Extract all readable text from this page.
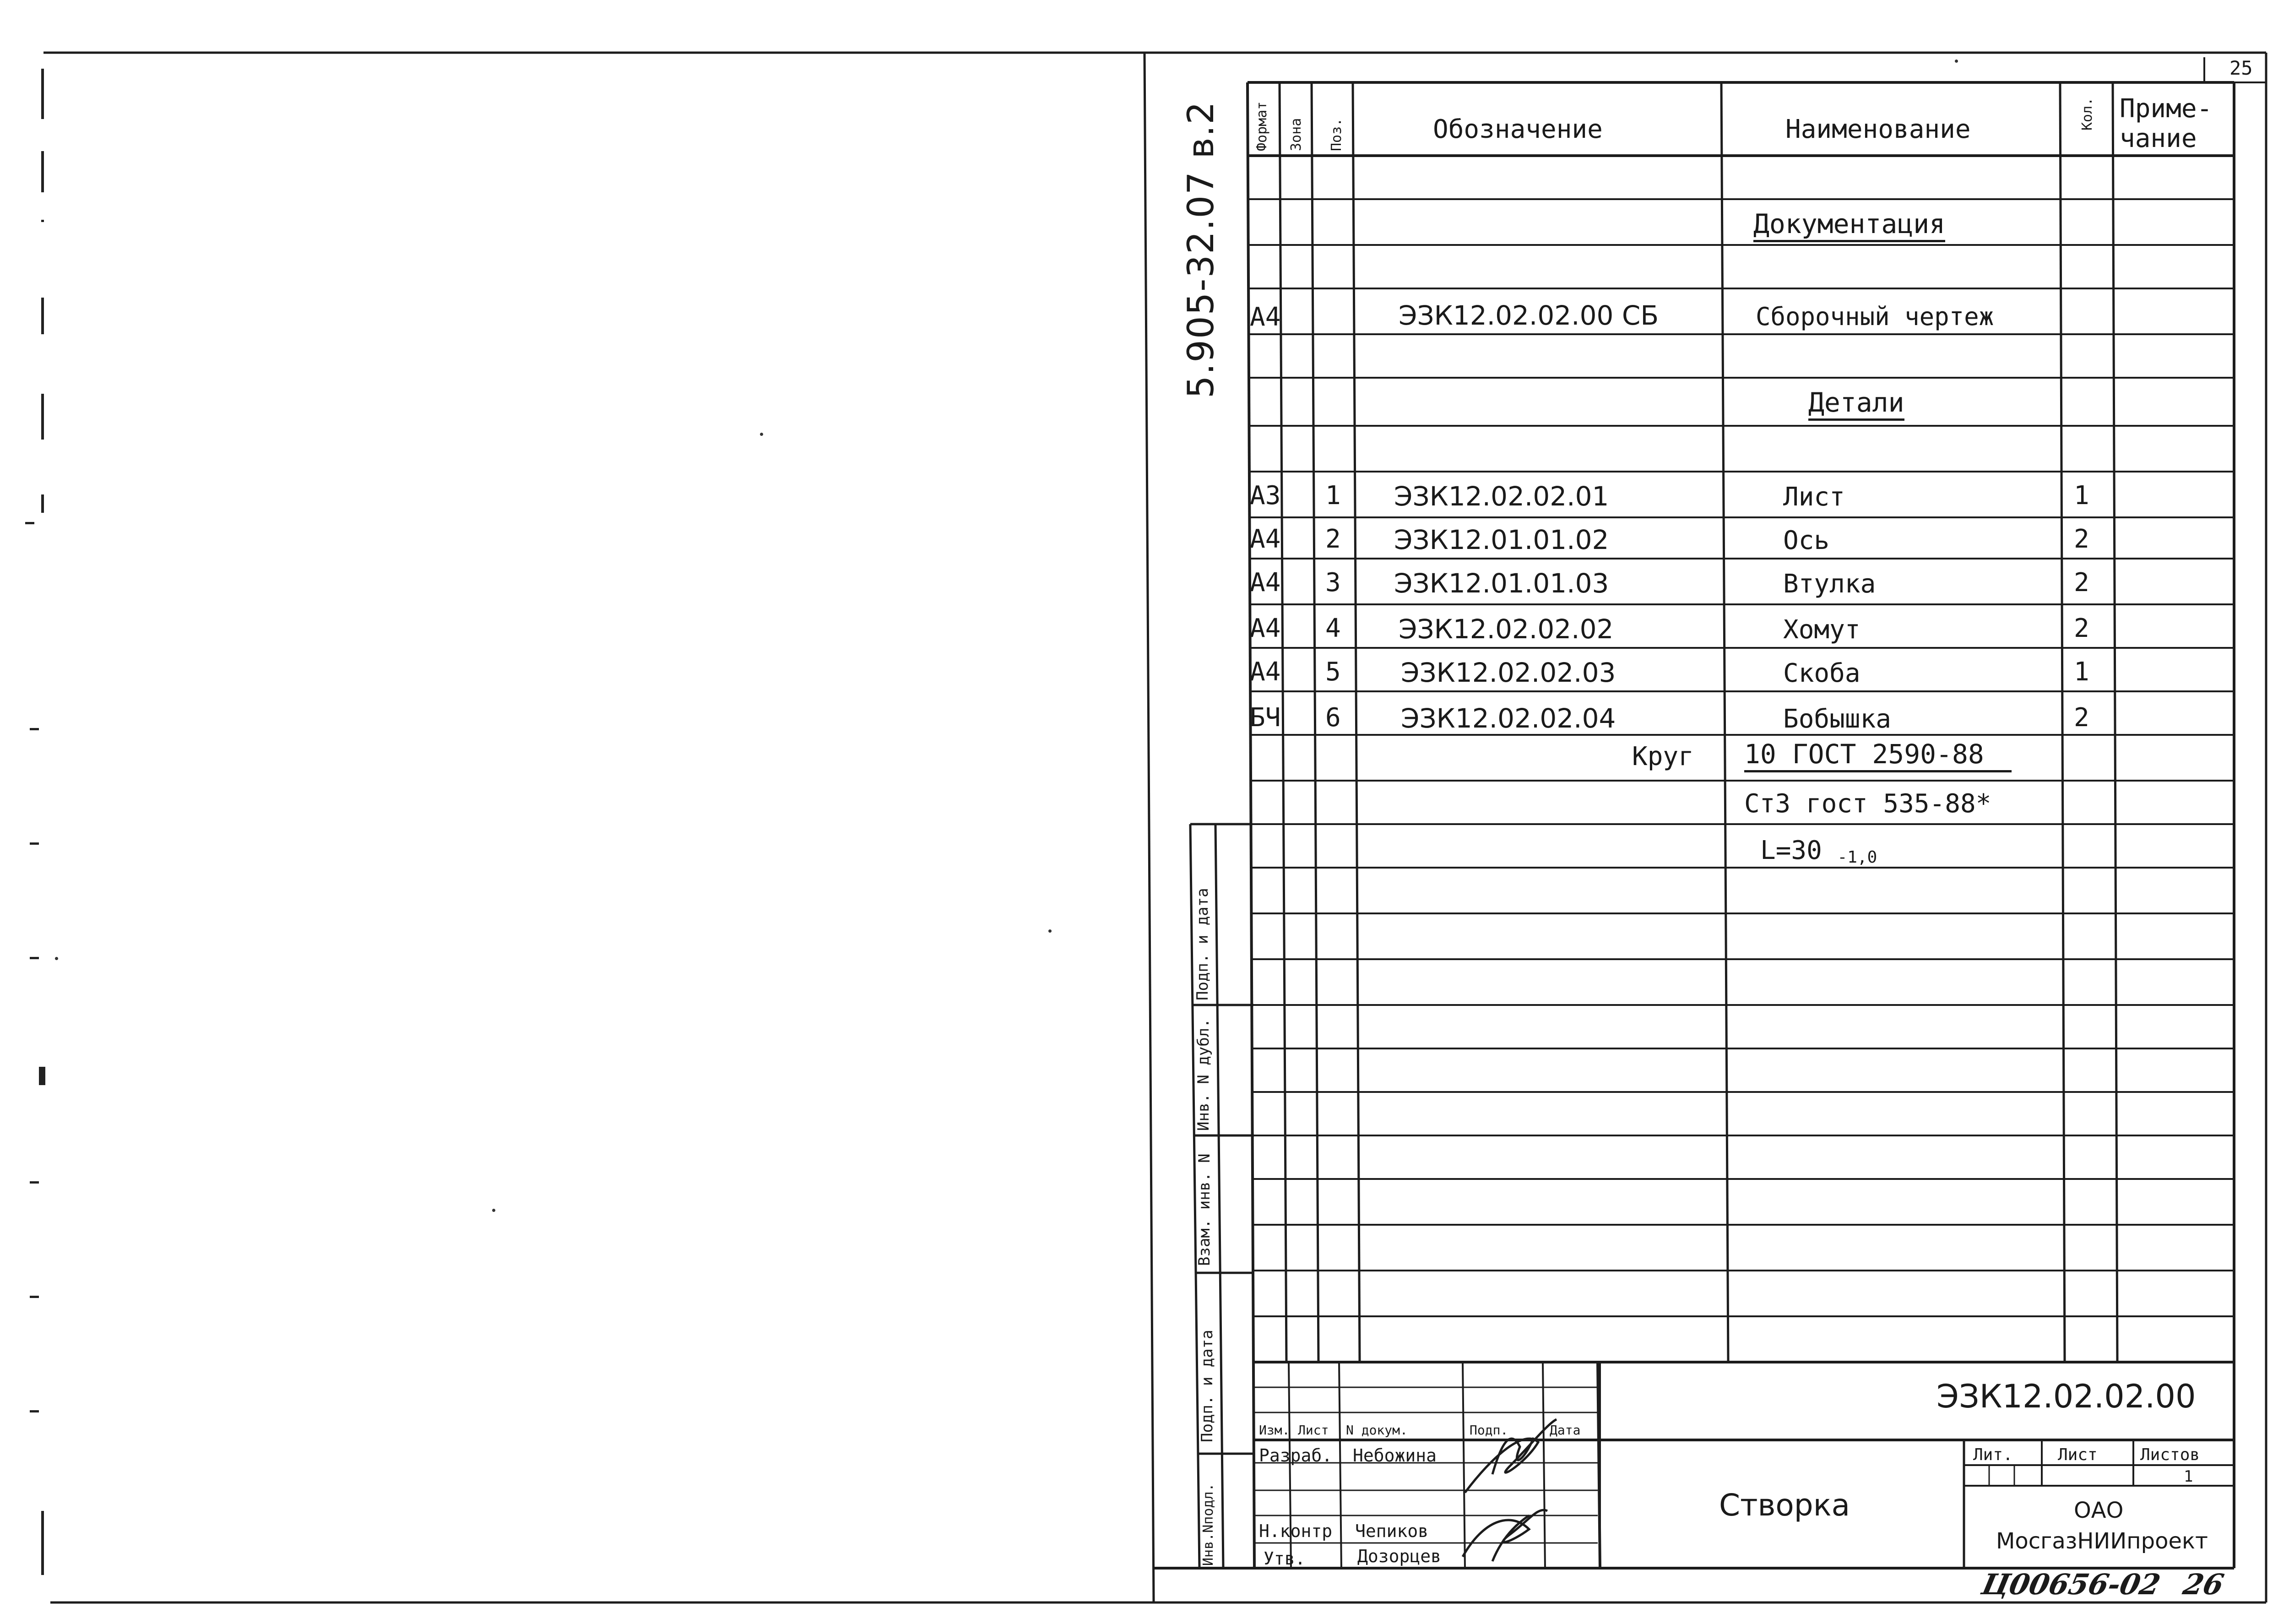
25
5.905-32.07 в.2 Формат Зона Поз.	Обозначение	Наименование	Кол. Приме-
чание
Документация
Детали
А4	ЭЗК12.02.02.00 СБ	Сборочный чертеж
А3 1 ЭЗК12.02.02.01	Лист	1
А4 2 ЭЗК12.01.01.02	Ось	2
А4 3 ЭЗК12.01.01.03	Втулка	2
А4 4 ЭЗК12.02.02.02	Хомут	2
А4 5 ЭЗК12.02.02.03	Скоба	1
БЧ 6 ЭЗК12.02.02.04	Бобышка	2
Круг 10 ГОСТ 2590-88
Ст3 гост 535-88*
L=30 -1,0
Подп. и дата
Инв. N дубл.
Взам. инв. N
Подп. и дата
Инв.Nподл.
ЭЗК12.02.02.00
Изм. Лист N докум.	Подп.	Дата
Разраб. Небожина
Н.контр Чепиков
Утв.	Дозорцев
Створка
Лит.	Лист	Листов
1
ОАО
МосгазНИИпроект
Ц00656-02 26
